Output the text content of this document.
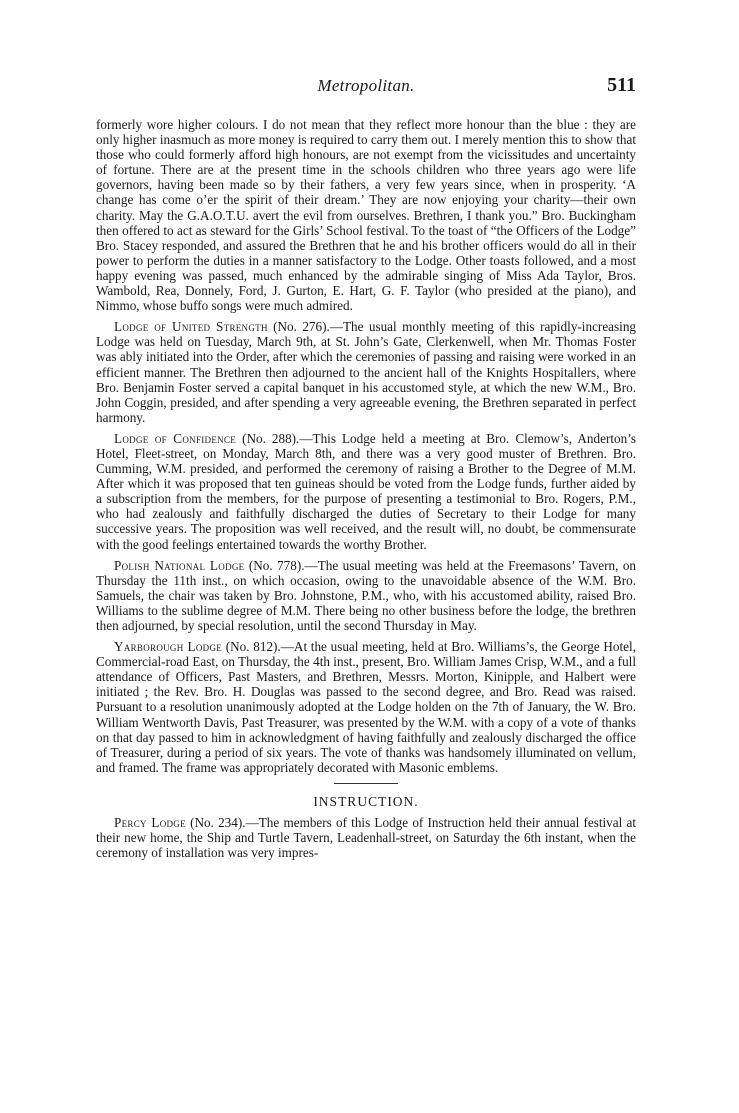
Metropolitan.	511

formerly wore higher colours. I do not mean that they reflect more honour than the blue : they are only higher inasmuch as more money is required to carry them out. I merely mention this to show that those who could formerly afford high honours, are not exempt from the vicissitudes and uncertainty of fortune. There are at the present time in the schools children who three years ago were life governors, having been made so by their fathers, a very few years since, when in prosperity. ‘A change has come o’er the spirit of their dream.’ They are now enjoying your charity—their own charity. May the G.A.O.T.U. avert the evil from ourselves. Brethren, I thank you.” Bro. Buckingham then offered to act as steward for the Girls’ School festival. To the toast of “the Officers of the Lodge” Bro. Stacey responded, and assured the Brethren that he and his brother officers would do all in their power to perform the duties in a manner satisfactory to the Lodge. Other toasts followed, and a most happy evening was passed, much enhanced by the admirable singing of Miss Ada Taylor, Bros. Wambold, Rea, Donnely, Ford, J. Gurton, E. Hart, G. F. Taylor (who presided at the piano), and Nimmo, whose buffo songs were much admired.

Lodge of United Strength (No. 276).—The usual monthly meeting of this rapidly-increasing Lodge was held on Tuesday, March 9th, at St. John’s Gate, Clerkenwell, when Mr. Thomas Foster was ably initiated into the Order, after which the ceremonies of passing and raising were worked in an efficient manner. The Brethren then adjourned to the ancient hall of the Knights Hospitallers, where Bro. Benjamin Foster served a capital banquet in his accustomed style, at which the new W.M., Bro. John Coggin, presided, and after spending a very agreeable evening, the Brethren separated in perfect harmony.

Lodge of Confidence (No. 288).—This Lodge held a meeting at Bro. Clemow’s, Anderton’s Hotel, Fleet-street, on Monday, March 8th, and there was a very good muster of Brethren. Bro. Cumming, W.M. presided, and performed the ceremony of raising a Brother to the Degree of M.M. After which it was proposed that ten guineas should be voted from the Lodge funds, further aided by a subscription from the members, for the purpose of presenting a testimonial to Bro. Rogers, P.M., who had zealously and faithfully discharged the duties of Secretary to their Lodge for many successive years. The proposition was well received, and the result will, no doubt, be commensurate with the good feelings entertained towards the worthy Brother.

Polish National Lodge (No. 778).—The usual meeting was held at the Freemasons’ Tavern, on Thursday the 11th inst., on which occasion, owing to the unavoidable absence of the W.M. Bro. Samuels, the chair was taken by Bro. Johnstone, P.M., who, with his accustomed ability, raised Bro. Williams to the sublime degree of M.M. There being no other business before the lodge, the brethren then adjourned, by special resolution, until the second Thursday in May.

Yarborough Lodge (No. 812).—At the usual meeting, held at Bro. Williams’s, the George Hotel, Commercial-road East, on Thursday, the 4th inst., present, Bro. William James Crisp, W.M., and a full attendance of Officers, Past Masters, and Brethren, Messrs. Morton, Kinipple, and Halbert were initiated ; the Rev. Bro. H. Douglas was passed to the second degree, and Bro. Read was raised. Pursuant to a resolution unanimously adopted at the Lodge holden on the 7th of January, the W. Bro. William Wentworth Davis, Past Treasurer, was presented by the W.M. with a copy of a vote of thanks on that day passed to him in acknowledgment of having faithfully and zealously discharged the office of Treasurer, during a period of six years. The vote of thanks was handsomely illuminated on vellum, and framed. The frame was appropriately decorated with Masonic emblems.

INSTRUCTION.

Percy Lodge (No. 234).—The members of this Lodge of Instruction held their annual festival at their new home, the Ship and Turtle Tavern, Leadenhall-street, on Saturday the 6th instant, when the ceremony of installation was very impres-
